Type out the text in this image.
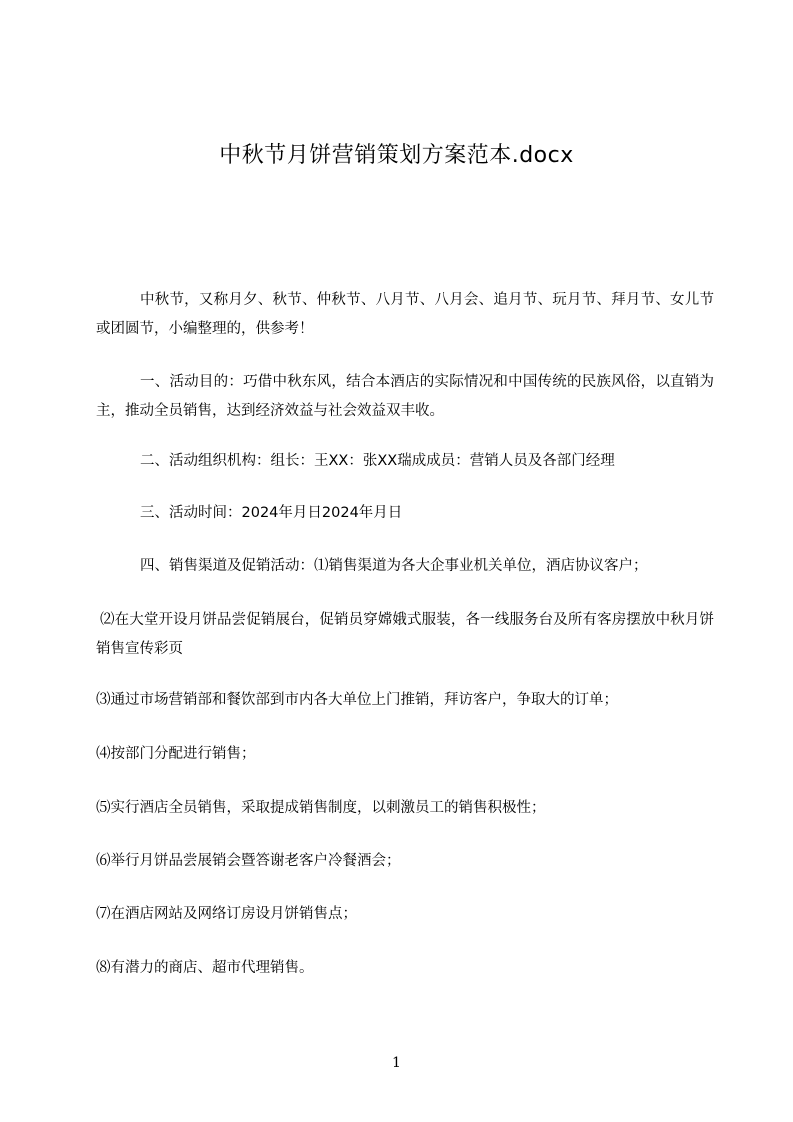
中秋节月饼营销策划方案范本.docx

中秋节，又称月夕、秋节、仲秋节、八月节、八月会、追月节、玩月节、拜月节、女儿节或团圆节，小编整理的，供参考！

一、活动目的：巧借中秋东风，结合本酒店的实际情况和中国传统的民族风俗，以直销为主，推动全员销售，达到经济效益与社会效益双丰收。

二、活动组织机构：组长：王XX：张XX瑞成成员：营销人员及各部门经理

三、活动时间：2024年月日2024年月日

四、销售渠道及促销活动：⑴销售渠道为各大企事业机关单位，酒店协议客户；

⑵在大堂开设月饼品尝促销展台，促销员穿嫦娥式服装，各一线服务台及所有客房摆放中秋月饼销售宣传彩页

⑶通过市场营销部和餐饮部到市内各大单位上门推销，拜访客户，争取大的订单；

⑷按部门分配进行销售；

⑸实行酒店全员销售，采取提成销售制度，以刺激员工的销售积极性；

⑹举行月饼品尝展销会暨答谢老客户冷餐酒会；

⑺在酒店网站及网络订房设月饼销售点；

⑻有潜力的商店、超市代理销售。

1
